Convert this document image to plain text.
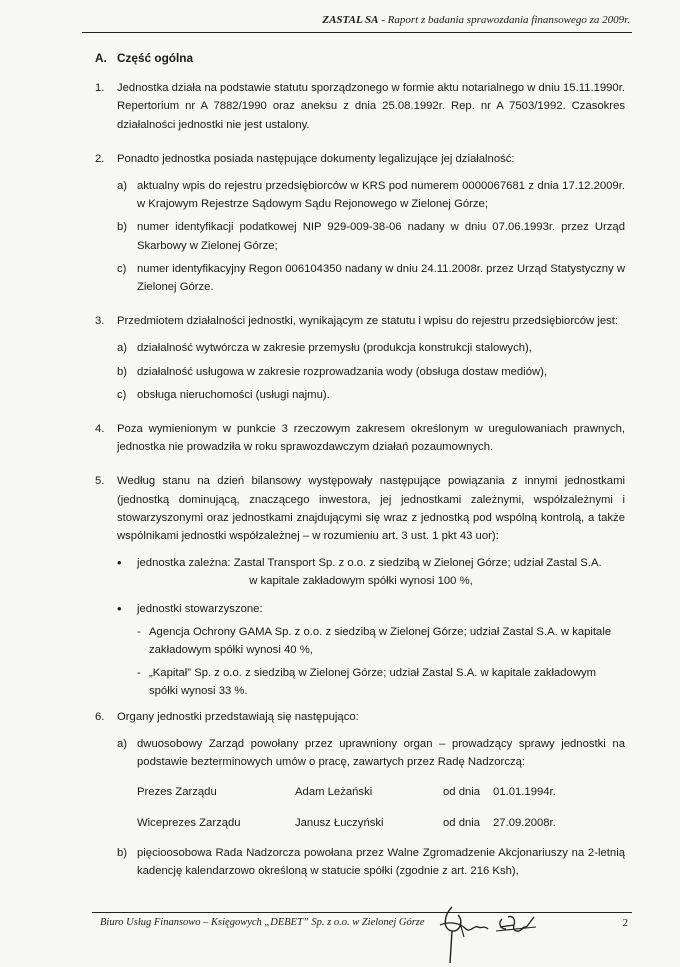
ZASTAL SA - Raport z badania sprawozdania finansowego za 2009r.
A. Część ogólna
1.	Jednostka działa na podstawie statutu sporządzonego w formie aktu notarialnego w dniu 15.11.1990r. Repertorium nr A 7882/1990 oraz aneksu z dnia 25.08.1992r. Rep. nr A 7503/1992. Czasokres działalności jednostki nie jest ustalony.
2.	Ponadto jednostka posiada następujące dokumenty legalizujące jej działalność:
a) aktualny wpis do rejestru przedsiębiorców w KRS pod numerem 0000067681 z dnia 17.12.2009r. w Krajowym Rejestrze Sądowym Sądu Rejonowego w Zielonej Górze;
b) numer identyfikacji podatkowej NIP 929-009-38-06 nadany w dniu 07.06.1993r. przez Urząd Skarbowy w Zielonej Górze;
c) numer identyfikacyjny Regon 006104350 nadany w dniu 24.11.2008r. przez Urząd Statystyczny w Zielonej Górze.
3.	Przedmiotem działalności jednostki, wynikającym ze statutu i wpisu do rejestru przedsiębiorców jest:
a) działalność wytwórcza w zakresie przemysłu (produkcja konstrukcji stalowych),
b) działalność usługowa w zakresie rozprowadzania wody (obsługa dostaw mediów),
c) obsługa nieruchomości (usługi najmu).
4.	Poza wymienionym w punkcie 3 rzeczowym zakresem określonym w uregulowaniach prawnych, jednostka nie prowadziła w roku sprawozdawczym działań pozaumownych.
5.	Według stanu na dzień bilansowy występowały następujące powiązania z innymi jednostkami (jednostką dominującą, znaczącego inwestora, jej jednostkami zależnymi, współzależnymi i stowarzyszonymi oraz jednostkami znajdującymi się wraz z jednostką pod wspólną kontrolą, a także wspólnikami jednostki współzależnej – w rozumieniu art. 3 ust. 1 pkt 43 uor):
•	jednostka zależna: Zastal Transport Sp. z o.o. z siedzibą w Zielonej Górze; udział Zastal S.A.
w kapitale zakładowym spółki wynosi 100 %,
•	jednostki stowarzyszone:
- Agencja Ochrony GAMA Sp. z o.o. z siedzibą w Zielonej Górze; udział Zastal S.A. w kapitale zakładowym spółki wynosi 40 %,
- „Kapitał” Sp. z o.o. z siedzibą w Zielonej Górze; udział Zastal S.A. w kapitale zakładowym spółki wynosi 33 %.
6.	Organy jednostki przedstawiają się następująco:
a) dwuosobowy Zarząd powołany przez uprawniony organ – prowadzący sprawy jednostki na podstawie bezterminowych umów o pracę, zawartych przez Radę Nadzorczą:
Prezes Zarządu	Adam Leżański	od dnia	01.01.1994r.
Wiceprezes Zarządu	Janusz Łuczyński	od dnia	27.09.2008r.
b) pięcioosobowa Rada Nadzorcza powołana przez Walne Zgromadzenie Akcjonariuszy na 2-letnią kadencję kalendarzowo określoną w statucie spółki (zgodnie z art. 216 Ksh),
Biuro Usług Finansowo – Księgowych „DEBET” Sp. z o.o. w Zielonej Górze	2
